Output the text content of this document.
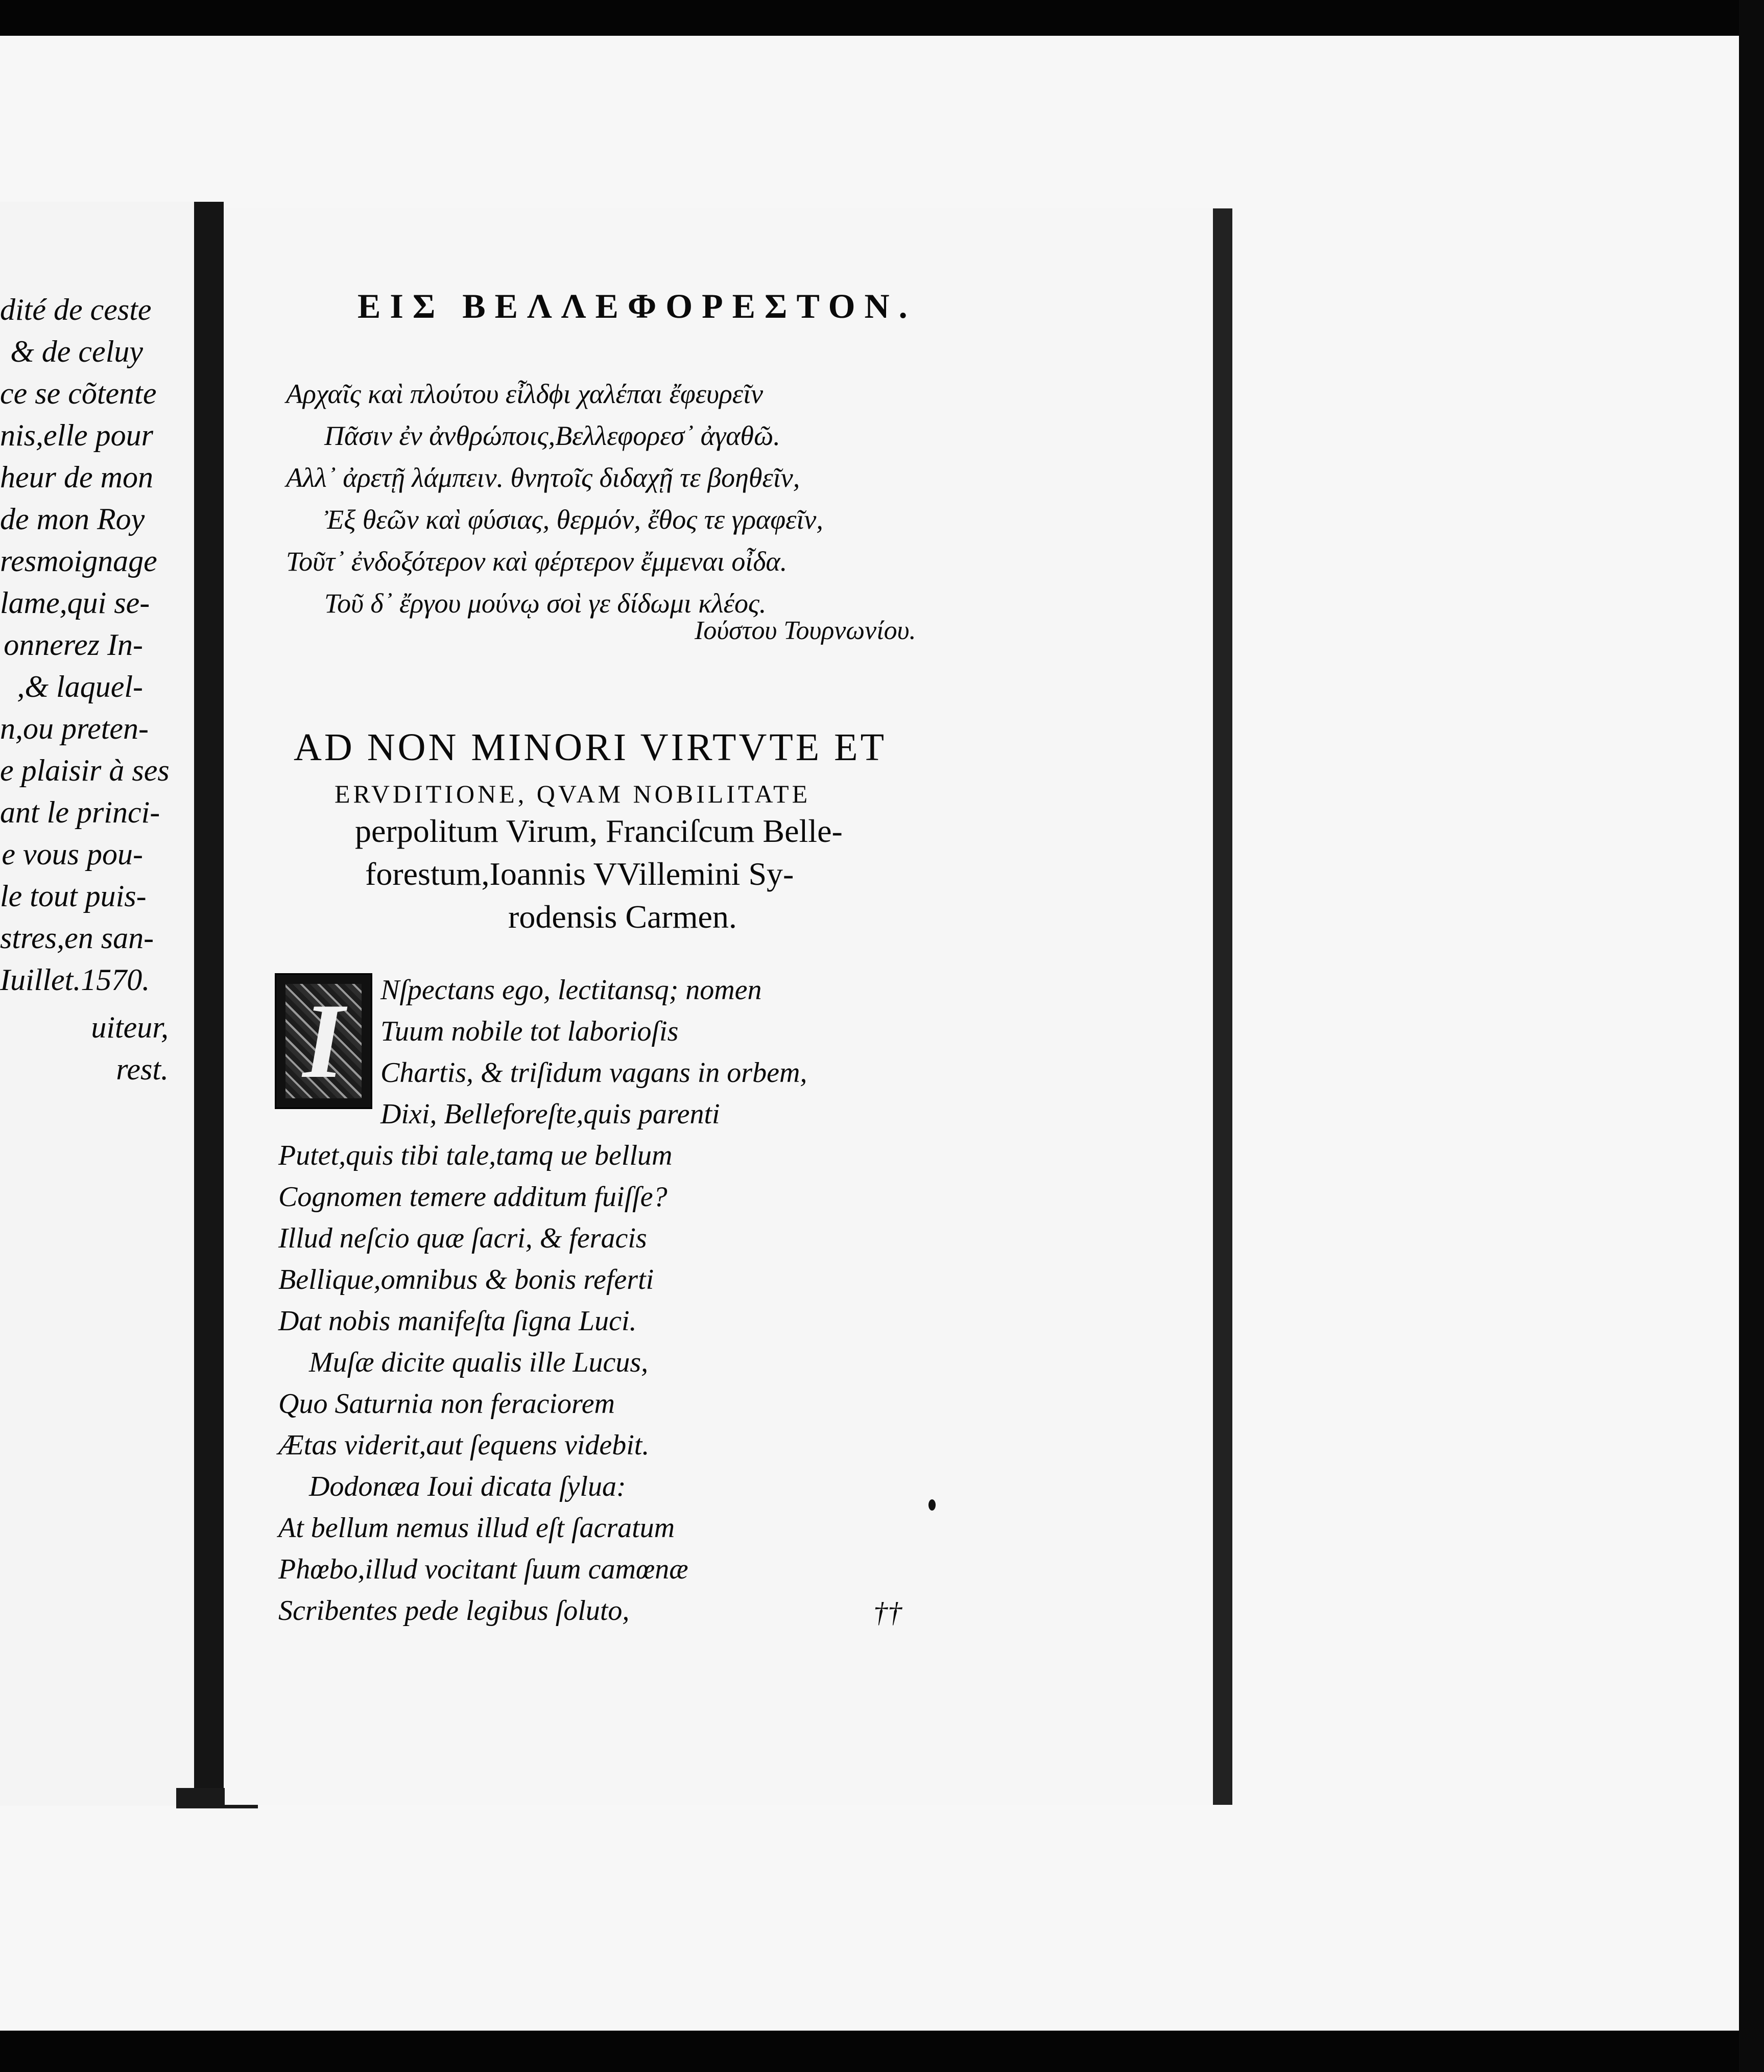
dité de ceste
& de celuy
ce se cõtente
nis,elle pour
heur de mon
de mon Roy
resmoignage
lame,qui se-
onnerez In-
,& laquel-
n,ou preten-
e plaisir à ses
ant le princi-
e vous pou-
le tout puis-
stres,en san-
Iuillet.1570.
uiteur,
rest.
ΕΙΣ ΒΕΛΛΕΦΟΡΕΣΤΟΝ.
Αρχαῖς καὶ πλούτου εἶλδϕι χαλέπαι ἔφευρεῖν
Πᾶσιν ἐν ἀνθρώποις,Βελλεφορεσ᾽ ἀγαθῶ.
Αλλ᾽ ἀρετῇ λάμπειν. θνητοῖς διδαχῇ τε βοηθεῖν,
Ἐξ θεῶν καὶ φύσιας, θερμόν, ἔθος τε γραφεῖν,
Τοῦτ᾽ ἐνδοξότερον καὶ φέρτερον ἔμμεναι οἶδα.
Τοῦ δ᾽ ἔργου μούνῳ σοὶ γε δίδωμι κλέος.
Ιούστου Τουρνωνίου.
AD NON MINORI VIRTVTE ET
ERVDITIONE, QVAM NOBILITATE
perpolitum Virum, Franciſcum Belle-
forestum,Ioannis VVillemini Sy-
rodensis Carmen.
I	Nſpectans ego, lectitansq; nomen
Tuum nobile tot laborioſis
Chartis, & triſidum vagans in orbem,
Dixi, Belleforeſte,quis parenti
Putet,quis tibi tale,tamq ue bellum
Cognomen temere additum fuiſſe?
Illud neſcio quæ ſacri, & feracis
Bellique,omnibus & bonis referti
Dat nobis manifeſta ſigna Luci.
Muſæ dicite qualis ille Lucus,
Quo Saturnia non feraciorem
Ætas viderit,aut ſequens videbit.
Dodonæa Ioui dicata ſylua:
At bellum nemus illud eſt ſacratum
Phœbo,illud vocitant ſuum camœnæ
Scribentes pede legibus ſoluto,	††
